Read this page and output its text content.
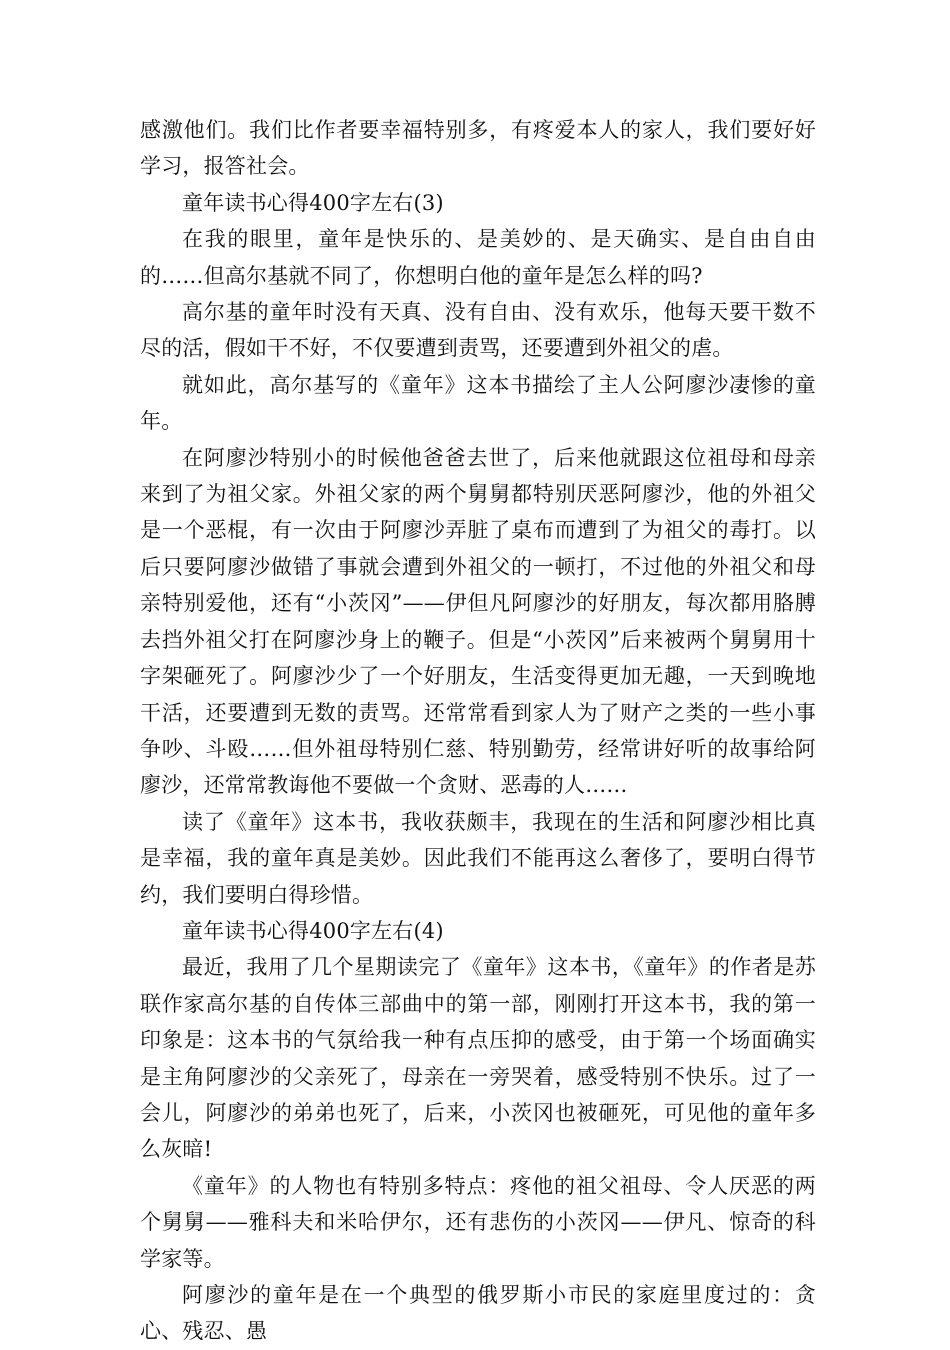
感激他们。我们比作者要幸福特别多，有疼爱本人的家人，我们要好好学习，报答社会。

童年读书心得400字左右(3)

在我的眼里，童年是快乐的、是美妙的、是天确实、是自由自由的……但高尔基就不同了，你想明白他的童年是怎么样的吗?

高尔基的童年时没有天真、没有自由、没有欢乐，他每天要干数不尽的活，假如干不好，不仅要遭到责骂，还要遭到外祖父的虐。

就如此，高尔基写的《童年》这本书描绘了主人公阿廖沙凄惨的童年。

在阿廖沙特别小的时候他爸爸去世了，后来他就跟这位祖母和母亲来到了为祖父家。外祖父家的两个舅舅都特别厌恶阿廖沙，他的外祖父是一个恶棍，有一次由于阿廖沙弄脏了桌布而遭到了为祖父的毒打。以后只要阿廖沙做错了事就会遭到外祖父的一顿打，不过他的外祖父和母亲特别爱他，还有“小茨冈”——伊但凡阿廖沙的好朋友，每次都用胳膊去挡外祖父打在阿廖沙身上的鞭子。但是“小茨冈”后来被两个舅舅用十字架砸死了。阿廖沙少了一个好朋友，生活变得更加无趣，一天到晚地干活，还要遭到无数的责骂。还常常看到家人为了财产之类的一些小事争吵、斗殴……但外祖母特别仁慈、特别勤劳，经常讲好听的故事给阿廖沙，还常常教诲他不要做一个贪财、恶毒的人……

读了《童年》这本书，我收获颇丰，我现在的生活和阿廖沙相比真是幸福，我的童年真是美妙。因此我们不能再这么奢侈了，要明白得节约，我们要明白得珍惜。

童年读书心得400字左右(4)

最近，我用了几个星期读完了《童年》这本书，《童年》的作者是苏联作家高尔基的自传体三部曲中的第一部，刚刚打开这本书，我的第一印象是：这本书的气氛给我一种有点压抑的感受，由于第一个场面确实是主角阿廖沙的父亲死了，母亲在一旁哭着，感受特别不快乐。过了一会儿，阿廖沙的弟弟也死了，后来，小茨冈也被砸死，可见他的童年多么灰暗!

《童年》的人物也有特别多特点：疼他的祖父祖母、令人厌恶的两个舅舅——雅科夫和米哈伊尔，还有悲伤的小茨冈——伊凡、惊奇的科学家等。

阿廖沙的童年是在一个典型的俄罗斯小市民的家庭里度过的：贪心、残忍、愚
